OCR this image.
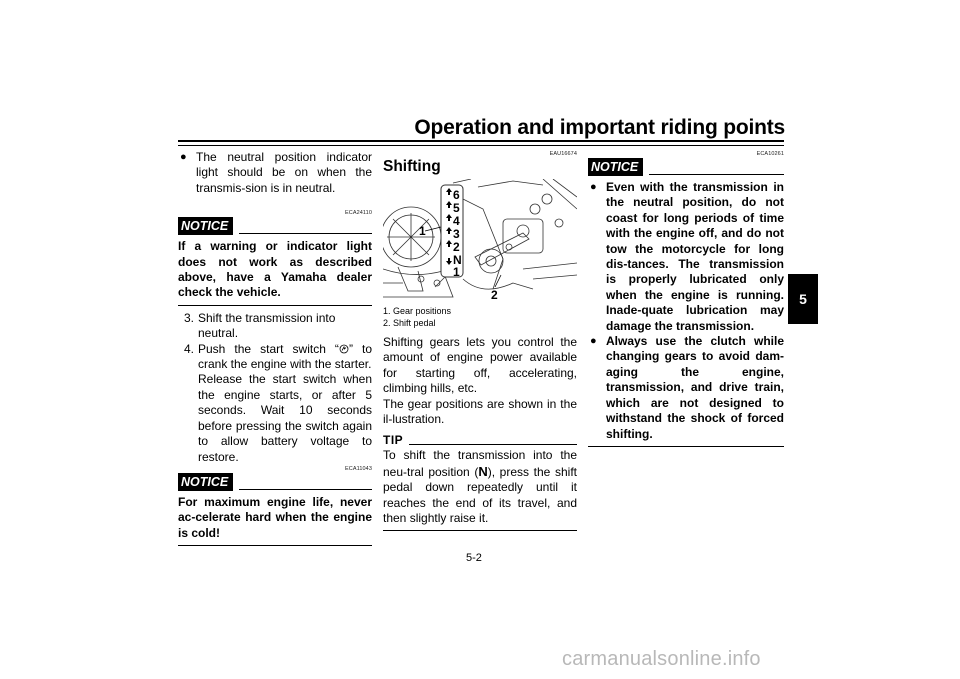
Operation and important riding points
5
● The neutral position indicator light should be on when the transmis-sion is in neutral.
ECA24110
NOTICE
If a warning or indicator light does not work as described above, have a Yamaha dealer check the vehicle.
3. Shift the transmission into neutral.
4. Push the start switch “ ” to crank the engine with the starter.
Release the start switch when the engine starts, or after 5 seconds. Wait 10 seconds before pressing the switch again to allow battery voltage to restore.
ECA11043
NOTICE
For maximum engine life, never ac-celerate hard when the engine is cold!
EAU16674
Shifting
6
5
4
3
2
N
1
1
2
1. Gear positions
2. Shift pedal
Shifting gears lets you control the amount of engine power available for starting off, accelerating, climbing hills, etc.
The gear positions are shown in the il-lustration.
TIP
To shift the transmission into the neu-tral position (N), press the shift pedal down repeatedly until it reaches the end of its travel, and then slightly raise it.
ECA10261
NOTICE
● Even with the transmission in the neutral position, do not coast for long periods of time with the engine off, and do not tow the motorcycle for long dis-tances. The transmission is properly lubricated only when the engine is running. Inade-quate lubrication may damage the transmission.
● Always use the clutch while changing gears to avoid dam-aging the engine, transmission, and drive train, which are not designed to withstand the shock of forced shifting.
5-2
carmanualsonline.info
